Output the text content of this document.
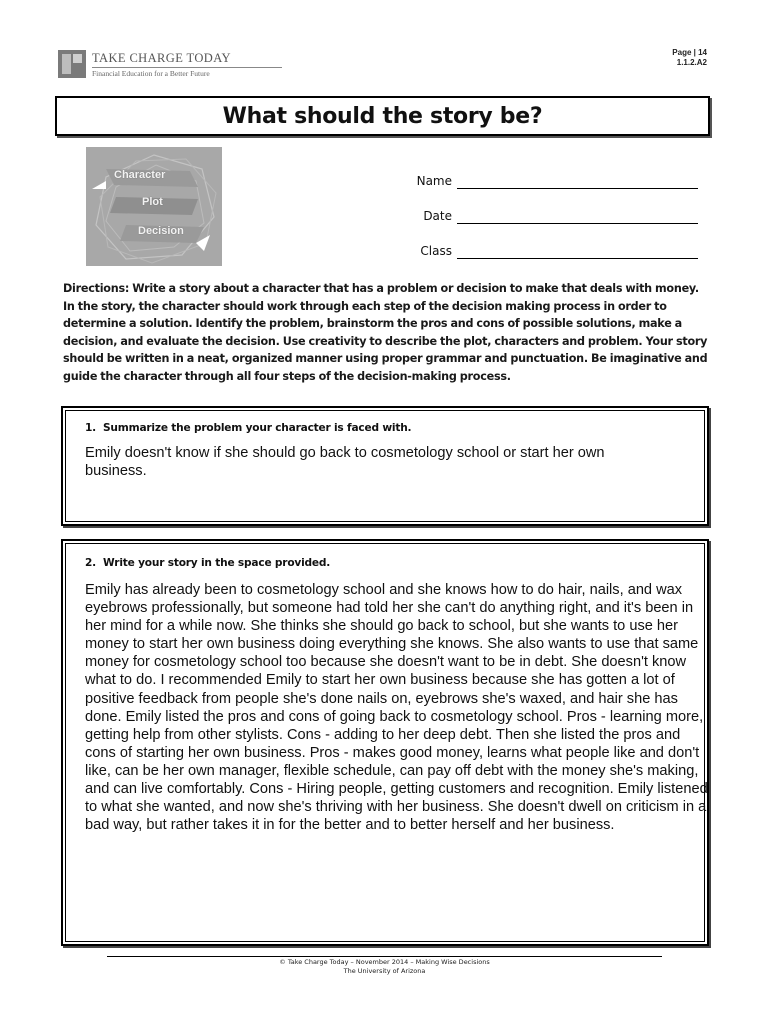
TAKE CHARGE TODAY
Financial Education for a Better Future
Page | 14
1.1.2.A2
What should the story be?
Character
Plot
Decision
Name
Date
Class
Directions: Write a story about a character that has a problem or decision to make that deals with money. In the story, the character should work through each step of the decision making process in order to determine a solution. Identify the problem, brainstorm the pros and cons of possible solutions, make a decision, and evaluate the decision. Use creativity to describe the plot, characters and problem. Your story should be written in a neat, organized manner using proper grammar and punctuation. Be imaginative and guide the character through all four steps of the decision-making process.
1. Summarize the problem your character is faced with.
Emily doesn't know if she should go back to cosmetology school or start her own business.
2. Write your story in the space provided.
Emily has already been to cosmetology school and she knows how to do hair, nails, and wax eyebrows professionally, but someone had told her she can't do anything right, and it's been in her mind for a while now. She thinks she should go back to school, but she wants to use her money to start her own business doing everything she knows. She also wants to use that same money for cosmetology school too because she doesn't want to be in debt. She doesn't know what to do. I recommended Emily to start her own business because she has gotten a lot of positive feedback from people she's done nails on, eyebrows she's waxed, and hair she has done. Emily listed the pros and cons of going back to cosmetology school. Pros - learning more, getting help from other stylists. Cons - adding to her deep debt. Then she listed the pros and cons of starting her own business. Pros - makes good money, learns what people like and don't like, can be her own manager, flexible schedule, can pay off debt with the money she's making, and can live comfortably. Cons - Hiring people, getting customers and recognition. Emily listened to what she wanted, and now she's thriving with her business. She doesn't dwell on criticism in a bad way, but rather takes it in for the better and to better herself and her business.
© Take Charge Today – November 2014 – Making Wise Decisions
The University of Arizona
